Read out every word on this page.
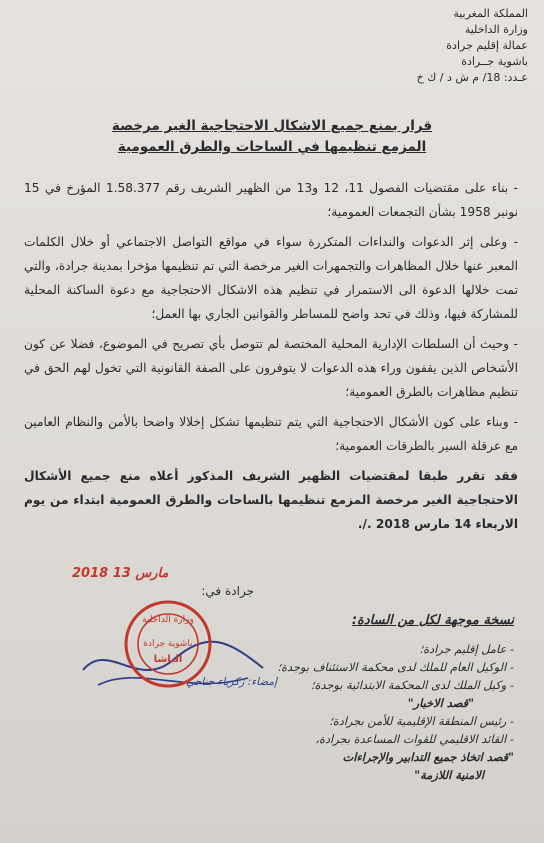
المملكة المغربية
وزارة الداخلية
عمالة إقليم جرادة
باشوية جــرادة
عـدد: 18/ م ش د / ك خ
قرار بمنع جميع الاشكال الاحتجاجية الغير مرخصة
المزمع تنظيمها في الساحات والطرق العمومية

- بناء على مقتضيات الفصول 11، 12 و13 من الظهير الشريف رقم 1.58.377 المؤرخ في 15 نونبر 1958 بشأن التجمعات العمومية؛

- وعلى إثر الدعوات والنداءات المتكررة سواء في مواقع التواصل الاجتماعي أو خلال الكلمات المعبر عنها خلال المظاهرات والتجمهرات الغير مرخصة التي تم تنظيمها مؤخرا بمدينة جرادة، والتي تمت خلالها الدعوة الى الاستمرار في تنظيم هذه الاشكال الاحتجاجية مع دعوة الساكنة المحلية للمشاركة فيها، وذلك في تحد واضح للمساطر والقوانين الجاري بها العمل؛

- وحيث أن السلطات الإدارية المحلية المختصة لم تتوصل بأي تصريح في الموضوع، فضلا عن كون الأشخاص الذين يقفون وراء هذه الدعوات لا يتوفرون على الصفة القانونية التي تخول لهم الحق في تنظيم مظاهرات بالطرق العمومية؛

- وبناء على كون الأشكال الاحتجاجية التي يتم تنظيمها تشكل إخلالا واضحا بالأمن والنظام العامين مع عرقلة السير بالطرقات العمومية؛

فقد تقرر طبقا لمقتضيات الظهير الشريف المذكور أعلاه منع جميع الأشكال الاحتجاجية الغير مرخصة المزمع تنظيمها بالساحات والطرق العمومية ابتداء من يوم الاربعاء 14 مارس 2018 ./.

2018 مارس 13
جرادة في:
وزارة الداخلية
باشوية جرادة
الباشا
إمضاء: زكرياء جناحي
نسخة موجهة لكل من السادة:
- عامل إقليم جرادة؛
- الوكيل العام للملك لدى محكمة الاستئناف بوجدة؛
- وكيل الملك لدى المحكمة الابتدائية بوجدة؛
"قصد الاخبار"
- رئيس المنطقة الإقليمية للأمن بجرادة؛
- القائد الاقليمي للقوات المساعدة بجرادة،
"قصد اتخاذ جميع التدابير والإجراءات
الامنية اللازمة"
